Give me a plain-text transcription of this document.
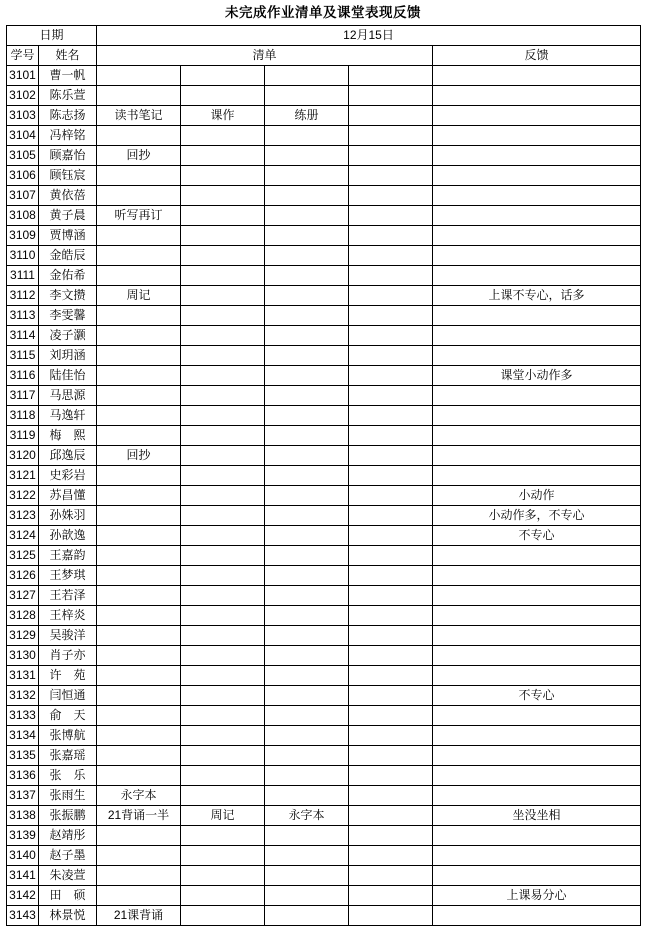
未完成作业清单及课堂表现反馈
日期		12月15日				
学号	姓名	清单				反馈
3101	曹一帆					
3102	陈乐萱					
3103	陈志扬	读书笔记	课作	练册		
3104	冯梓铭					
3105	顾嘉怡	回抄				
3106	顾钰宸					
3107	黄依蓓					
3108	黄子晨	听写再订				
3109	贾博涵					
3110	金皓辰					
3111	金佑希					
3112	李文攒	周记				上课不专心，话多
3113	李雯馨					
3114	凌子灏					
3115	刘玥涵					
3116	陆佳怡					课堂小动作多
3117	马思源					
3118	马逸轩					
3119	梅　熙					
3120	邱逸辰	回抄				
3121	史彩岩					
3122	苏昌懂					小动作
3123	孙姝羽					小动作多，不专心
3124	孙歆逸					不专心
3125	王嘉韵					
3126	王梦琪					
3127	王若泽					
3128	王梓炎					
3129	吴骏洋					
3130	肖子亦					
3131	许　苑					
3132	闫恒通					不专心
3133	俞　天					
3134	张博航					
3135	张嘉瑶					
3136	张　乐					
3137	张雨生	永字本				
3138	张振鹏	21背诵一半	周记	永字本		坐没坐相
3139	赵靖彤					
3140	赵子墨					
3141	朱凌萱					
3142	田　硕					上课易分心
3143	林景悦	21课背诵				
